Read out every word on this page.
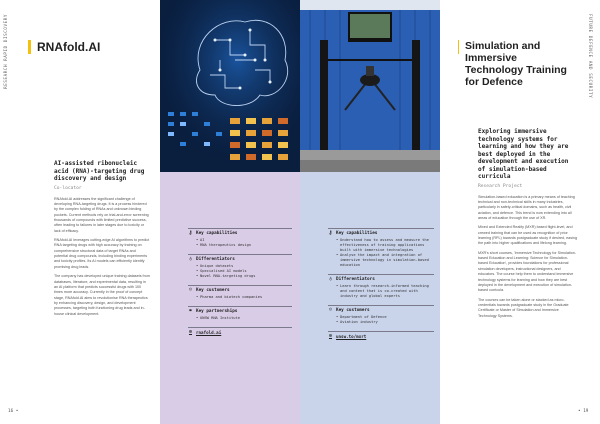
RESEARCH RAPID DISCOVERY RNAfold.AI
AI-assisted ribonucleic acid (RNA)-targeting drug discovery and design
Co-locator

RNAfold.AI addresses the significant challenge of developing RNA-targeting drugs. It is a process hindered by the complex folding of RNAs and unknown binding pockets. Current methods rely on trial-and-error screening thousands of compounds with limited predictive success, often leading to failures in later stages due to toxicity or lack of efficacy.

RNAfold.AI leverages cutting-edge AI algorithms to predict RNA targeting drugs with high accuracy by training on comprehensive structural data of target RNAs and potential drug compounds, including binding experiments and toxicity profiles. Its AI models can efficiently identify promising drug leads.

The company has developed unique training datasets from databases, literature, and experimental data, resulting in an AI platform that predicts successful drugs with 100 times more accuracy. Currently in the proof of concept stage, RNAfold.AI aims to revolutionise RNA therapeutics by enhancing discovery, design, and development processes, targeting both functioning drug leads and in-house clinical development.

16 •
⚷ Key capabilities
• AI
• RNA therapeutics design
♁ Differentiators
• Unique datasets
• Specialised AI models
• Novel RNA-targeting drugs
☺ Key customers
• Pharma and biotech companies
⚭ Key partnerships
• UNSW RNA Institute
⊕ rnafold.ai
⚷ Key capabilities
• Understand how to assess and measure the effectiveness of training applications built with immersive technologies
• Analyse the impact and integration of immersive technology in simulation-based education
♁ Differentiators
• Learn through research-informed teaching and content that is co-created with industry and global experts
☺ Key customers
• Department of Defence
• Aviation industry
⊕ unsw.to/mxrt
Simulation and Immersive Technology Training for Defence
Exploring immersive technology systems for learning and how they are best deployed in the development and execution of simulation-based curricula
Research Project

Simulation-based education is a primary means of teaching technical and non-technical skills in many industries, particularly in safety-critical domains, such as health, civil aviation, and defence. This trend is now extending into all areas of education through the use of XR.

Mixed and Extended Reality (MXR) based flight-level, and crewed training that can be used as recognition of prior learning (RPL) towards postgraduate study if desired, easing the path into higher qualifications and lifelong learning.

MXR's short courses, 'Immersive Technology for Simulation-based Education and Learning: Science for Simulation-based Education', provides foundations for professional simulation developers, instructional designers, and educators. The course help them to understand immersive technology systems for learning and how they are best deployed in the development and execution of simulation-based curricula.

The courses can be taken alone or stacked as micro-credentials towards postgraduate study in the Graduate Certificate or Master of Simulation and Immersive Technology Systems.

FUTURE DEFENCE AND SECURITY
• 19
